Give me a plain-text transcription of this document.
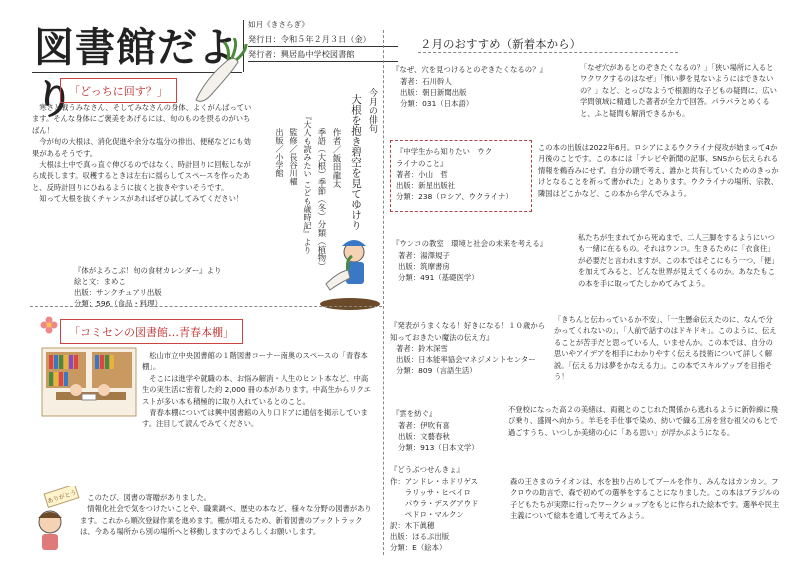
図書館だより
如月《きさらぎ》
発行日：令和５年２月３日（金）
発行者：興居島中学校図書館
「どっちに回す？」

寒さと戦うみなさん、そしてみなさんの身体、よくがんばっています。そんな身体にご褒美をあげるには、旬のものを摂るのがいちばん！

今が旬の大根は、消化促進や余分な塩分の排出、便秘などにも効果があるそうです。

大根は土中で真っ直ぐ伸びるのではなく、時計回りに回転しながら成長します。収穫するときは左右に揺らしてスペースを作ったあと、反時計回りにひねるように抜くと抜きやすいそうです。

知って大根を抜くチャンスがあればぜひ試してみてください！

『体がよろこぶ！旬の食材カレンダー』より
絵と文：まめこ
出版：サンクチュアリ出版
分類：596（食品・料理）
今月の俳句
大根を抱き碧空を見てゆけり
作者／飯田龍太
季語（大根）季節（冬）分類（植物）
『大人も読みたい こども歳時記』より
監修／長谷川櫂
出版／小学館
「コミセンの図書館…青春本棚」

松山市立中央図書館の１階図書コーナー南奥のスペースの「青春本棚」。

そこには進学や就職の本、お悩み解消・人生のヒント本など、中高生の実生活に密着した約 2,000 冊の本があります。中高生からリクエストが多い本も積極的に取り入れているとのこと。

青春本棚については興中図書館の入り口ドアに通信を掲示しています。注目して読んでみてください。

ありがとう	このたび、図書の寄贈がありました。

情報化社会で気をつけたいことや、職業調べ、歴史の本など、様々な分野の図書があります。これから順次登録作業を進めます。棚が増えるため、新着図書のブックトラックは、今ある場所から別の場所へと移動しますのでよろしくお願いします。

２月のおすすめ（新着本から）
『なぜ、穴を見つけるとのぞきたくなるの？』
著者：石川幹人
出版：朝日新聞出版
分類：031（日本語）
「なぜ穴があるとのぞきたくなるの？」「狭い場所に入るとワクワクするのはなぜ」「怖い夢を見ないようにはできないの？」など、とっぴなようで根源的な子どもの疑問に、広い学問領域に精通した著者が全力で回答。パラパラとめくると、ふと疑問も解消できるかも。
『中学生から知りたい　ウクライナのこと』
著者：小山　哲
出版：新星出版社
分類：238（ロシア、ウクライナ）
この本の出版は2022年6月。ロシアによるウクライナ侵攻が始まって4か月後のことです。この本には「テレビや新聞の記事、SNSから伝えられる情報を鵜呑みにせず、自分の頭で考え、誰かと共有していくためのきっかけとなることを祈って書かれた」とあります。ウクライナの場所、宗教、隣国はどこかなど、この本から学んでみよう。
『ウンコの教室　環境と社会の未来を考える』
著者：湯澤規子
出版：筑摩書房
分類：491（基礎医学）
私たちが生まれてから死ぬまで、二人三脚をするようにいつも一緒に在るもの。それはウンコ。生きるために「衣食住」が必要だと言われますが、この本ではそこにもう一つ、「便」を加えてみると、どんな世界が見えてくるのか。あなたもこの本を手に取ってたしかめてみてよう。
『発表がうまくなる！好きになる！１０歳から知っておきたい魔法の伝え方』
著者：鈴木深雪
出版：日本能率協会マネジメントセンター
分類：809（言語生活）
「きちんと伝わっているか不安」、「一生懸命伝えたのに、なんで分かってくれないの」、「人前で話すのはドキドキ」。このように、伝えることが苦手だと思っている人、いませんか。この本では、自分の思いやアイデアを相手にわかりやすく伝える技術について詳しく解説。「伝える力は夢をかなえる力」。この本でスキルアップを目指そう！
『雲を紡ぐ』
著者：伊吹有喜
出版：文藝春秋
分類：913（日本文学）
不登校になった高２の美緒は、両親とのこじれた関係から逃れるように新幹線に飛び乗り、盛岡へ向かう。羊毛を手仕事で染め、紡いで織る工房を営む祖父のもとで過ごすうち、いつしか美緒の心に「ある思い」が浮かぶようになる。
『どうぶつせんきょ』
作：アンドレ・ホドリゲス
　　ラリッサ・ヒベイロ
　　パウラ・デスグアウド
　　ペドロ・マルクン
訳：木下眞穂
出版：ほるぷ出版
分類：E（絵本）
森の王さまのライオンは、水を独り占めしてプールを作り、みんなはカンカン。フクロウの助言で、森で初めての選挙をすることになりました。この本はブラジルの子どもたちが実際に行ったワークショップをもとに作られた絵本です。選挙や民主主義について絵本を通して考えてみよう。
